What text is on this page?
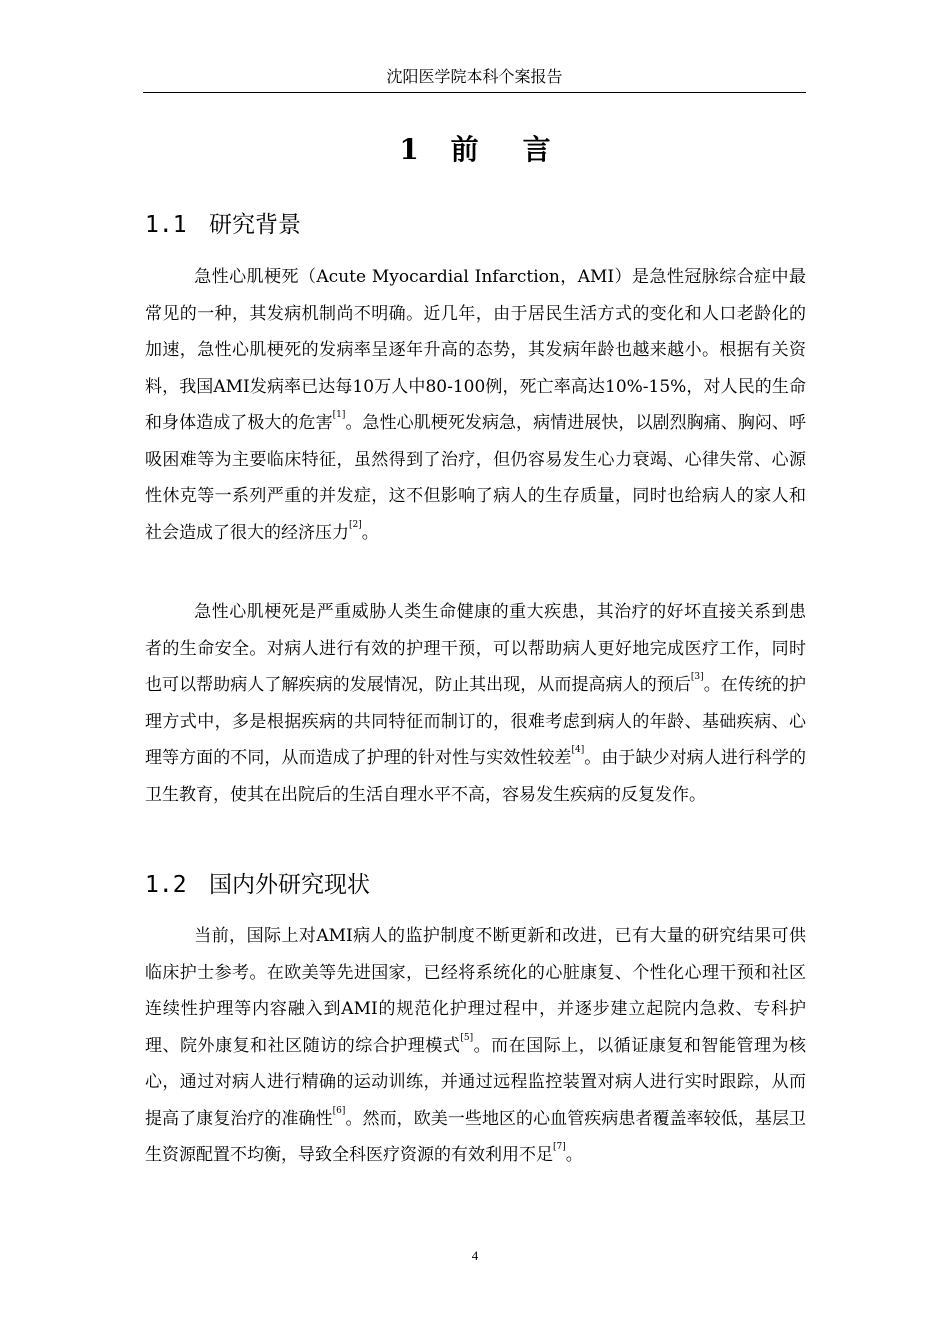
沈阳医学院本科个案报告
1 前 言
1.1 研究背景

急性心肌梗死（Acute Myocardial Infarction，AMI）是急性冠脉综合症中最常见的一种，其发病机制尚不明确。近几年，由于居民生活方式的变化和人口老龄化的加速，急性心肌梗死的发病率呈逐年升高的态势，其发病年龄也越来越小。根据有关资料，我国AMI发病率已达每10万人中80-100例，死亡率高达10%-15%，对人民的生命和身体造成了极大的危害[1]。急性心肌梗死发病急，病情进展快，以剧烈胸痛、胸闷、呼吸困难等为主要临床特征，虽然得到了治疗，但仍容易发生心力衰竭、心律失常、心源性休克等一系列严重的并发症，这不但影响了病人的生存质量，同时也给病人的家人和社会造成了很大的经济压力[2]。

急性心肌梗死是严重威胁人类生命健康的重大疾患，其治疗的好坏直接关系到患者的生命安全。对病人进行有效的护理干预，可以帮助病人更好地完成医疗工作，同时也可以帮助病人了解疾病的发展情况，防止其出现，从而提高病人的预后[3]。在传统的护理方式中，多是根据疾病的共同特征而制订的，很难考虑到病人的年龄、基础疾病、心理等方面的不同，从而造成了护理的针对性与实效性较差[4]。由于缺少对病人进行科学的卫生教育，使其在出院后的生活自理水平不高，容易发生疾病的反复发作。

1.2 国内外研究现状

当前，国际上对AMI病人的监护制度不断更新和改进，已有大量的研究结果可供临床护士参考。在欧美等先进国家，已经将系统化的心脏康复、个性化心理干预和社区连续性护理等内容融入到AMI的规范化护理过程中，并逐步建立起院内急救、专科护理、院外康复和社区随访的综合护理模式[5]。而在国际上，以循证康复和智能管理为核心，通过对病人进行精确的运动训练，并通过远程监控装置对病人进行实时跟踪，从而提高了康复治疗的准确性[6]。然而，欧美一些地区的心血管疾病患者覆盖率较低，基层卫生资源配置不均衡，导致全科医疗资源的有效利用不足[7]。

4
